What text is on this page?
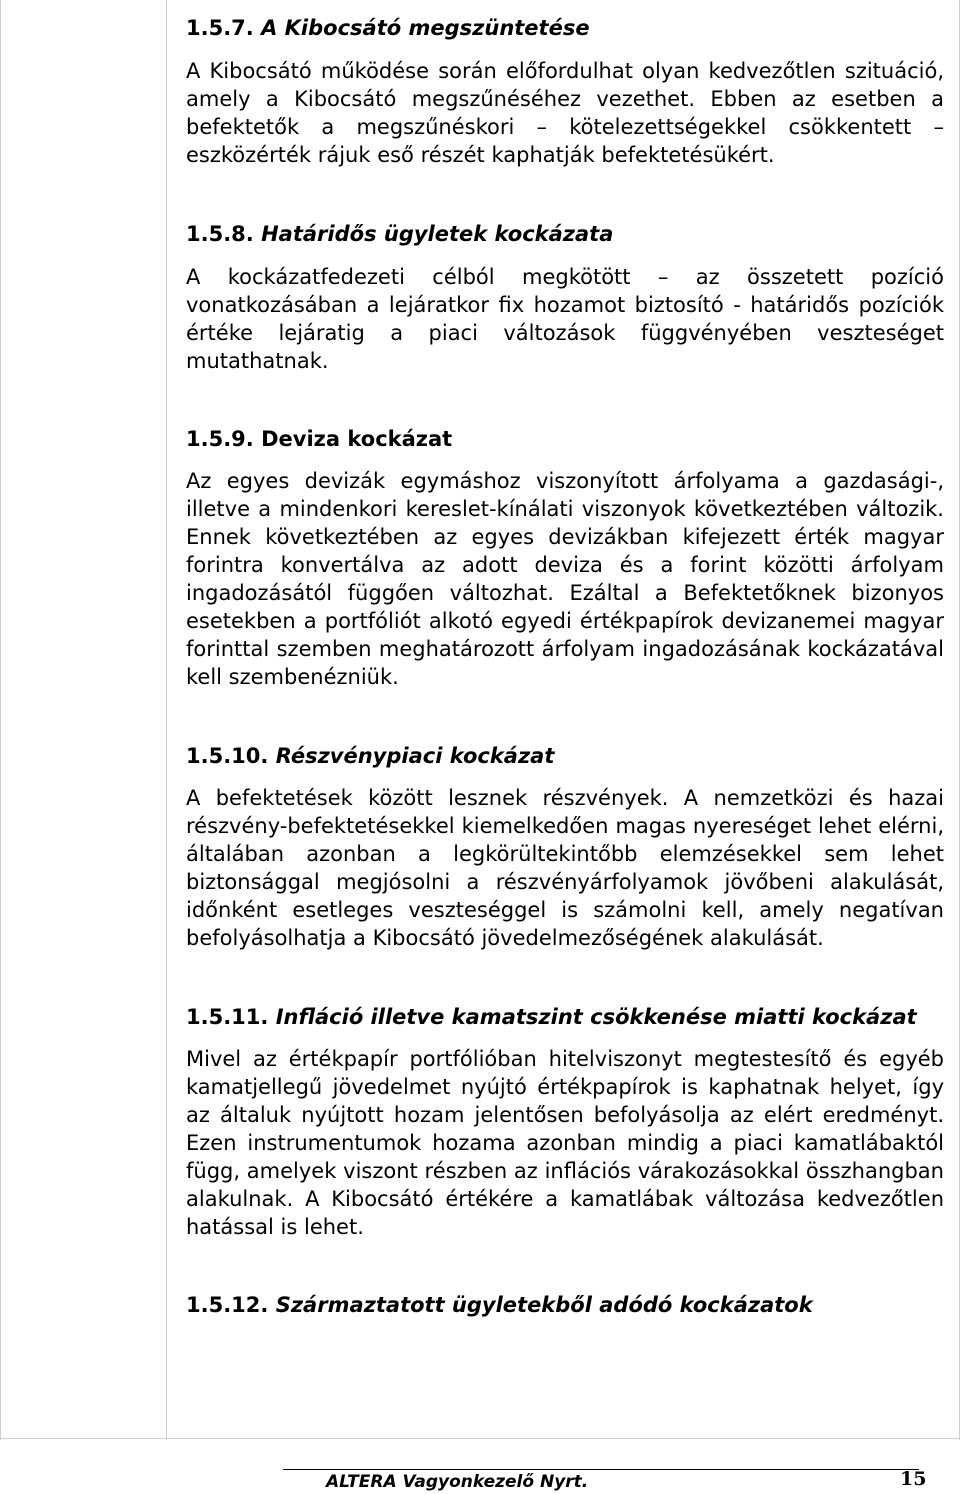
1.5.7. A Kibocsátó megszüntetése

A Kibocsátó működése során előfordulhat olyan kedvezőtlen szituáció, amely a Kibocsátó megszűnéséhez vezethet. Ebben az esetben a befektetők a megszűnéskori – kötelezettségekkel csökkentett – eszközérték rájuk eső részét kaphatják befektetésükért.

1.5.8. Határidős ügyletek kockázata

A kockázatfedezeti célból megkötött – az összetett pozíció vonatkozásában a lejáratkor fix hozamot biztosító - határidős pozíciók értéke lejáratig a piaci változások függvényében veszteséget mutathatnak.

1.5.9. Deviza kockázat

Az egyes devizák egymáshoz viszonyított árfolyama a gazdasági-, illetve a mindenkori kereslet-kínálati viszonyok következtében változik. Ennek következtében az egyes devizákban kifejezett érték magyar forintra konvertálva az adott deviza és a forint közötti árfolyam ingadozásától függően változhat. Ezáltal a Befektetőknek bizonyos esetekben a portfóliót alkotó egyedi értékpapírok devizanemei magyar forinttal szemben meghatározott árfolyam ingadozásának kockázatával kell szembenézniük.

1.5.10. Részvénypiaci kockázat

A befektetések között lesznek részvények. A nemzetközi és hazai részvény-befektetésekkel kiemelkedően magas nyereséget lehet elérni, általában azonban a legkörültekintőbb elemzésekkel sem lehet biztonsággal megjósolni a részvényárfolyamok jövőbeni alakulását, időnként esetleges veszteséggel is számolni kell, amely negatívan befolyásolhatja a Kibocsátó jövedelmezőségének alakulását.

1.5.11. Infláció illetve kamatszint csökkenése miatti kockázat

Mivel az értékpapír portfólióban hitelviszonyt megtestesítő és egyéb kamatjellegű jövedelmet nyújtó értékpapírok is kaphatnak helyet, így az általuk nyújtott hozam jelentősen befolyásolja az elért eredményt. Ezen instrumentumok hozama azonban mindig a piaci kamatlábaktól függ, amelyek viszont részben az inflációs várakozásokkal összhangban alakulnak. A Kibocsátó értékére a kamatlábak változása kedvezőtlen hatással is lehet.

1.5.12. Származtatott ügyletekből adódó kockázatok
ALTERA Vagyonkezelő Nyrt.	15
